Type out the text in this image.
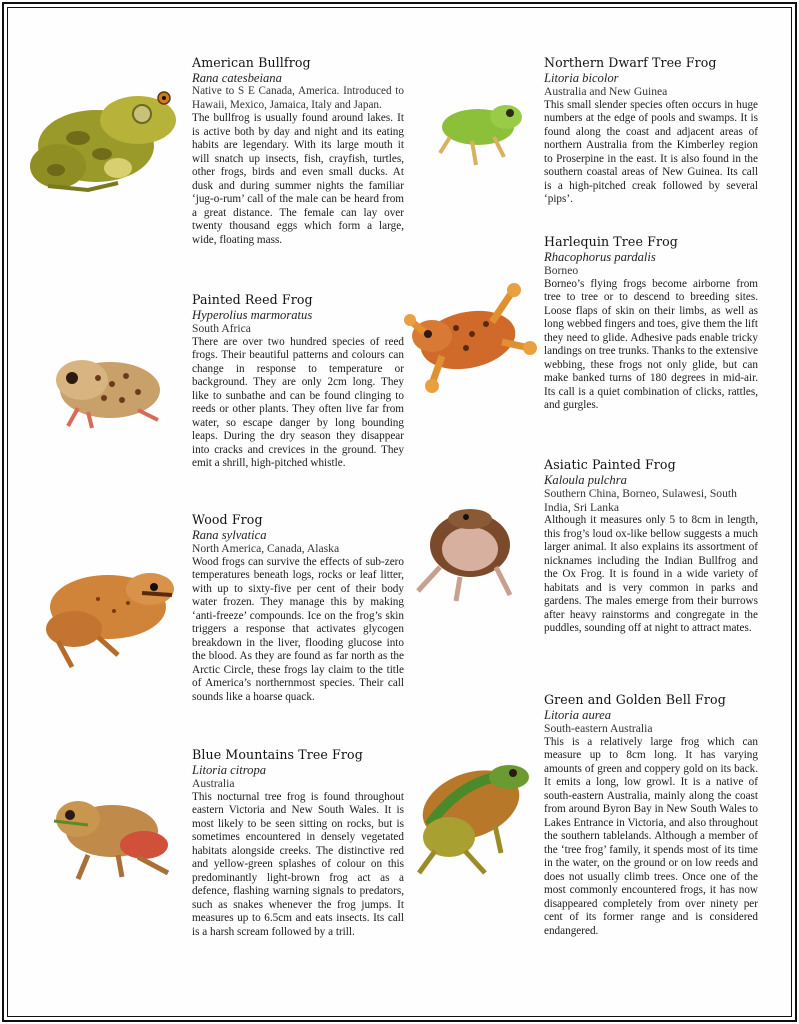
American Bullfrog

Rana catesbeiana

Native to S E Canada, America. Introduced to Hawaii, Mexico, Jamaica, Italy and Japan.

The bullfrog is usually found around lakes. It is active both by day and night and its eating habits are legendary. With its large mouth it will snatch up insects, fish, crayfish, turtles, other frogs, birds and even small ducks. At dusk and during summer nights the familiar ‘jug-o-rum’ call of the male can be heard from a great distance. The female can lay over twenty thousand eggs which form a large, wide, floating mass.

Painted Reed Frog

Hyperolius marmoratus

South Africa

There are over two hundred species of reed frogs. Their beautiful patterns and colours can change in response to temperature or background. They are only 2cm long. They like to sunbathe and can be found clinging to reeds or other plants. They often live far from water, so escape danger by long bounding leaps. During the dry season they disappear into cracks and crevices in the ground. They emit a shrill, high-pitched whistle.

Wood Frog

Rana sylvatica

North America, Canada, Alaska

Wood frogs can survive the effects of sub-zero temperatures beneath logs, rocks or leaf litter, with up to sixty-five per cent of their body water frozen. They manage this by making ‘anti-freeze’ compounds. Ice on the frog’s skin triggers a response that activates glycogen breakdown in the liver, flooding glucose into the blood. As they are found as far north as the Arctic Circle, these frogs lay claim to the title of America’s northernmost species. Their call sounds like a hoarse quack.

Blue Mountains Tree Frog

Litoria citropa

Australia

This nocturnal tree frog is found throughout eastern Victoria and New South Wales. It is most likely to be seen sitting on rocks, but is sometimes encountered in densely vegetated habitats alongside creeks. The distinctive red and yellow-green splashes of colour on this predominantly light-brown frog act as a defence, flashing warning signals to predators, such as snakes whenever the frog jumps. It measures up to 6.5cm and eats insects. Its call is a harsh scream followed by a trill.

Northern Dwarf Tree Frog

Litoria bicolor

Australia and New Guinea

This small slender species often occurs in huge numbers at the edge of pools and swamps. It is found along the coast and adjacent areas of northern Australia from the Kimberley region to Proserpine in the east. It is also found in the southern coastal areas of New Guinea. Its call is a high-pitched creak followed by several ‘pips’.

Harlequin Tree Frog

Rhacophorus pardalis

Borneo

Borneo’s flying frogs become airborne from tree to tree or to descend to breeding sites. Loose flaps of skin on their limbs, as well as long webbed fingers and toes, give them the lift they need to glide. Adhesive pads enable tricky landings on tree trunks. Thanks to the extensive webbing, these frogs not only glide, but can make banked turns of 180 degrees in mid-air. Its call is a quiet combination of clicks, rattles, and gurgles.

Asiatic Painted Frog

Kaloula pulchra

Southern China, Borneo, Sulawesi, South India, Sri Lanka

Although it measures only 5 to 8cm in length, this frog’s loud ox-like bellow suggests a much larger animal. It also explains its assortment of nicknames including the Indian Bullfrog and the Ox Frog. It is found in a wide variety of habitats and is very common in parks and gardens. The males emerge from their burrows after heavy rainstorms and congregate in the puddles, sounding off at night to attract mates.

Green and Golden Bell Frog

Litoria aurea

South-eastern Australia

This is a relatively large frog which can measure up to 8cm long. It has varying amounts of green and coppery gold on its back. It emits a long, low growl. It is a native of south-eastern Australia, mainly along the coast from around Byron Bay in New South Wales to Lakes Entrance in Victoria, and also throughout the southern tablelands. Although a member of the ‘tree frog’ family, it spends most of its time in the water, on the ground or on low reeds and does not usually climb trees. Once one of the most commonly encountered frogs, it has now disappeared completely from over ninety per cent of its former range and is considered endangered.
